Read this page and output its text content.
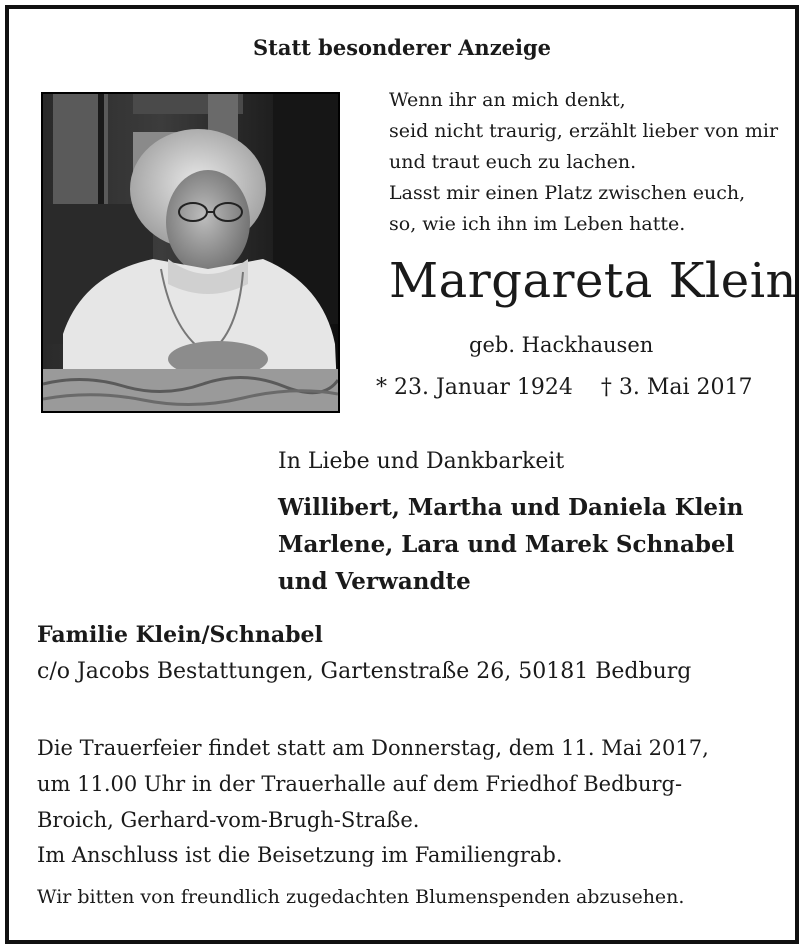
Statt besonderer Anzeige
Wenn ihr an mich denkt,
seid nicht traurig, erzählt lieber von mir
und traut euch zu lachen.
Lasst mir einen Platz zwischen euch,
so, wie ich ihn im Leben hatte.
Margareta Klein
geb. Hackhausen
* 23. Januar 1924 † 3. Mai 2017
In Liebe und Dankbarkeit
Willibert, Martha und Daniela Klein
Marlene, Lara und Marek Schnabel
und Verwandte
Familie Klein/Schnabel
c/o Jacobs Bestattungen, Gartenstraße 26, 50181 Bedburg
Die Trauerfeier findet statt am Donnerstag, dem 11. Mai 2017,
um 11.00 Uhr in der Trauerhalle auf dem Friedhof Bedburg-
Broich, Gerhard-vom-Brugh-Straße.
Im Anschluss ist die Beisetzung im Familiengrab.
Wir bitten von freundlich zugedachten Blumenspenden abzusehen.
